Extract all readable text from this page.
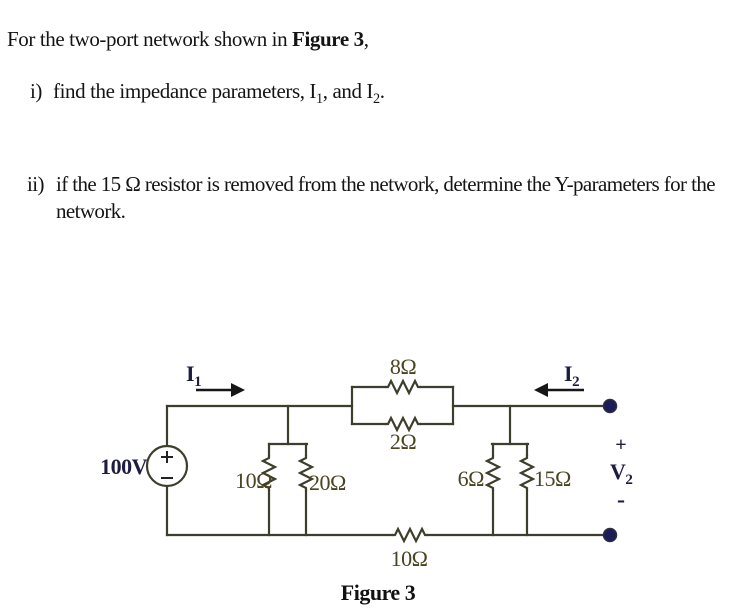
For the two-port network shown in Figure 3,

i) find the impedance parameters, $I_1$, and $I_2$.
ii) if the 15 Ω resistor is removed from the network, determine the Y-parameters for the network.
100V
8Ω
2Ω
10Ω 20Ω	6Ω 15Ω
10Ω
$I_1$	$I_2$
+
$V_2$
-
Figure 3
